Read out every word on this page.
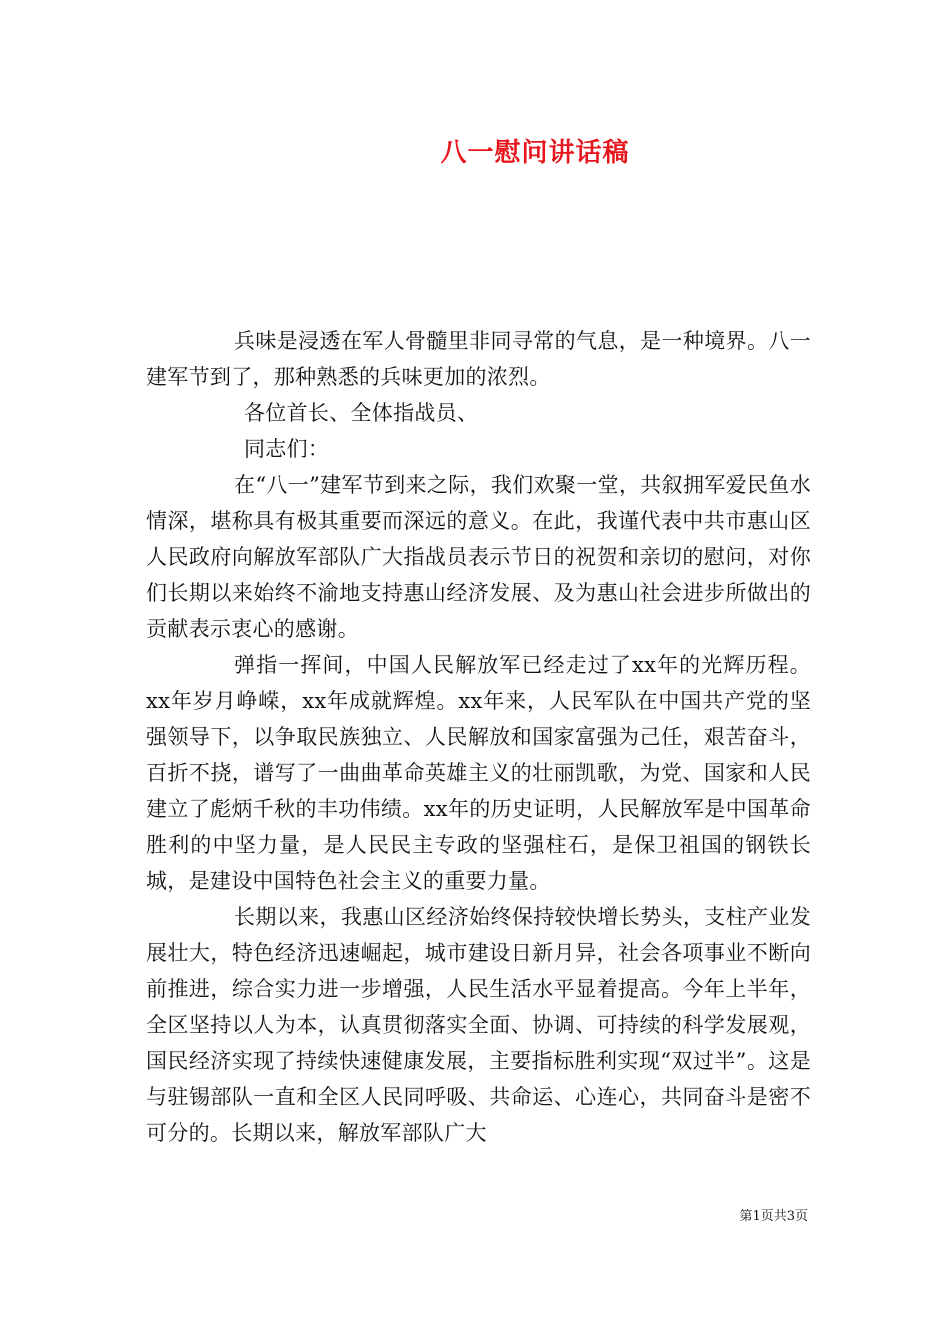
八一慰问讲话稿

兵味是浸透在军人骨髓里非同寻常的气息，是一种境界。八一建军节到了，那种熟悉的兵味更加的浓烈。

各位首长、全体指战员、

同志们：

在“八一”建军节到来之际，我们欢聚一堂，共叙拥军爱民鱼水情深，堪称具有极其重要而深远的意义。在此，我谨代表中共市惠山区人民政府向解放军部队广大指战员表示节日的祝贺和亲切的慰问，对你们长期以来始终不渝地支持惠山经济发展、及为惠山社会进步所做出的贡献表示衷心的感谢。

弹指一挥间，中国人民解放军已经走过了xx年的光辉历程。xx年岁月峥嵘，xx年成就辉煌。xx年来，人民军队在中国共产党的坚强领导下，以争取民族独立、人民解放和国家富强为己任，艰苦奋斗，百折不挠，谱写了一曲曲革命英雄主义的壮丽凯歌，为党、国家和人民建立了彪炳千秋的丰功伟绩。xx年的历史证明，人民解放军是中国革命胜利的中坚力量，是人民民主专政的坚强柱石，是保卫祖国的钢铁长城，是建设中国特色社会主义的重要力量。

长期以来，我惠山区经济始终保持较快增长势头，支柱产业发展壮大，特色经济迅速崛起，城市建设日新月异，社会各项事业不断向前推进，综合实力进一步增强，人民生活水平显着提高。今年上半年，全区坚持以人为本，认真贯彻落实全面、协调、可持续的科学发展观，国民经济实现了持续快速健康发展，主要指标胜利实现“双过半”。这是与驻锡部队一直和全区人民同呼吸、共命运、心连心，共同奋斗是密不可分的。长期以来，解放军部队广大

第1页共3页
